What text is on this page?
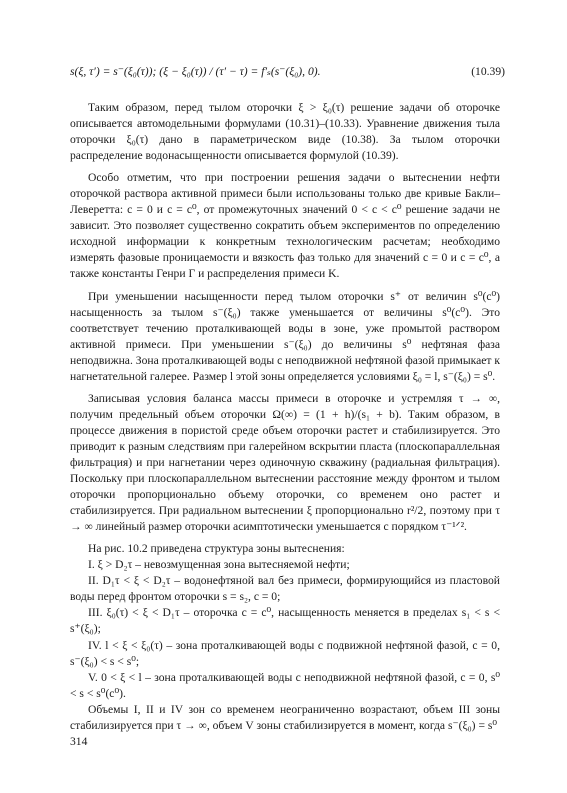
s(ξ, τ′) = s⁻(ξ₀(τ)); (ξ − ξ₀(τ)) / (τ′ − τ) = f′ₛ(s⁻(ξ₀), 0).	(10.39)

Таким образом, перед тылом оторочки ξ > ξ₀(τ) решение задачи об оторочке описывается автомодельными формулами (10.31)–(10.33). Уравнение движения тыла оторочки ξ₀(τ) дано в параметрическом виде (10.38). За тылом оторочки распределение водонасыщенности описывается формулой (10.39).

Особо отметим, что при построении решения задачи о вытеснении нефти оторочкой раствора активной примеси были использованы только две кривые Бакли–Леверетта: c = 0 и c = c⁰, от промежуточных значений 0 < c < c⁰ решение задачи не зависит. Это позволяет существенно сократить объем экспериментов по определению исходной информации к конкретным технологическим расчетам; необходимо измерять фазовые проницаемости и вязкость фаз только для значений c = 0 и c = c⁰, а также константы Генри Γ и распределения примеси K.

При уменьшении насыщенности перед тылом оторочки s⁺ от величин s⁰(c⁰) насыщенность за тылом s⁻(ξ₀) также уменьшается от величины s⁰(c⁰). Это соответствует течению проталкивающей воды в зоне, уже промытой раствором активной примеси. При уменьшении s⁻(ξ₀) до величины s⁰ нефтяная фаза неподвижна. Зона проталкивающей воды с неподвижной нефтяной фазой примыкает к нагнетательной галерее. Размер l этой зоны определяется условиями ξ₀ = l, s⁻(ξ₀) = s⁰.

Записывая условия баланса массы примеси в оторочке и устремляя τ → ∞, получим предельный объем оторочки Ω(∞) = (1 + h)/(s₁ + b). Таким образом, в процессе движения в пористой среде объем оторочки растет и стабилизируется. Это приводит к разным следствиям при галерейном вскрытии пласта (плоскопараллельная фильтрация) и при нагнетании через одиночную скважину (радиальная фильтрация). Поскольку при плоскопараллельном вытеснении расстояние между фронтом и тылом оторочки пропорционально объему оторочки, со временем оно растет и стабилизируется. При радиальном вытеснении ξ пропорционально r²/2, поэтому при τ → ∞ линейный размер оторочки асимптотически уменьшается с порядком τ⁻¹ᐟ².

На рис. 10.2 приведена структура зоны вытеснения:

I. ξ > D₂τ – невозмущенная зона вытесняемой нефти;

II. D₁τ < ξ < D₂τ – водонефтяной вал без примеси, формирующийся из пластовой воды перед фронтом оторочки s = s₂, c = 0;

III. ξ₀(τ) < ξ < D₁τ – оторочка c = c⁰, насыщенность меняется в пределах s₁ < s < s⁺(ξ₀);

IV. l < ξ < ξ₀(τ) – зона проталкивающей воды с подвижной нефтяной фазой, c = 0, s⁻(ξ₀) < s < s⁰;

V. 0 < ξ < l – зона проталкивающей воды с неподвижной нефтяной фазой, c = 0, s⁰ < s < s⁰(c⁰).

Объемы I, II и IV зон со временем неограниченно возрастают, объем III зоны стабилизируется при τ → ∞, объем V зоны стабилизируется в момент, когда s⁻(ξ₀) = s⁰

314
